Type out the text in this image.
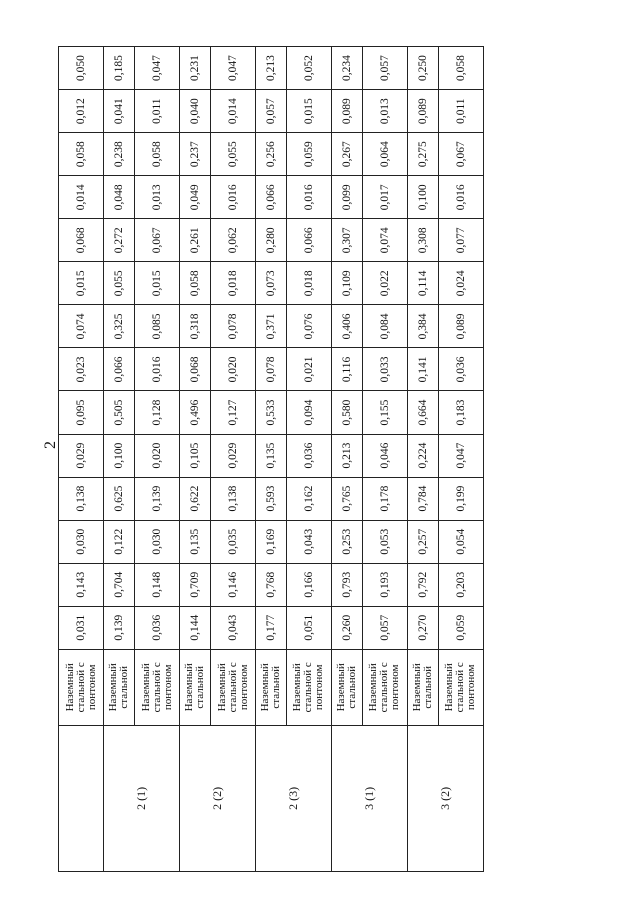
2
	Наземный стальной с понтоном	0,031	0,143	0,030	0,138	0,029	0,095	0,023	0,074	0,015	0,068	0,014	0,058	0,012	0,050
2 (1)	Наземный стальной	0,139	0,704	0,122	0,625	0,100	0,505	0,066	0,325	0,055	0,272	0,048	0,238	0,041	0,185
	Наземный стальной с понтоном	0,036	0,148	0,030	0,139	0,020	0,128	0,016	0,085	0,015	0,067	0,013	0,058	0,011	0,047
2 (2)	Наземный стальной	0,144	0,709	0,135	0,622	0,105	0,496	0,068	0,318	0,058	0,261	0,049	0,237	0,040	0,231
	Наземный стальной с понтоном	0,043	0,146	0,035	0,138	0,029	0,127	0,020	0,078	0,018	0,062	0,016	0,055	0,014	0,047
2 (3)	Наземный стальной	0,177	0,768	0,169	0,593	0,135	0,533	0,078	0,371	0,073	0,280	0,066	0,256	0,057	0,213
	Наземный стальной с понтоном	0,051	0,166	0,043	0,162	0,036	0,094	0,021	0,076	0,018	0,066	0,016	0,059	0,015	0,052
3 (1)	Наземный стальной	0,260	0,793	0,253	0,765	0,213	0,580	0,116	0,406	0,109	0,307	0,099	0,267	0,089	0,234
	Наземный стальной с понтоном	0,057	0,193	0,053	0,178	0,046	0,155	0,033	0,084	0,022	0,074	0,017	0,064	0,013	0,057
3 (2)	Наземный стальной	0,270	0,792	0,257	0,784	0,224	0,664	0,141	0,384	0,114	0,308	0,100	0,275	0,089	0,250
	Наземный стальной с понтоном	0,059	0,203	0,054	0,199	0,047	0,183	0,036	0,089	0,024	0,077	0,016	0,067	0,011	0,058
